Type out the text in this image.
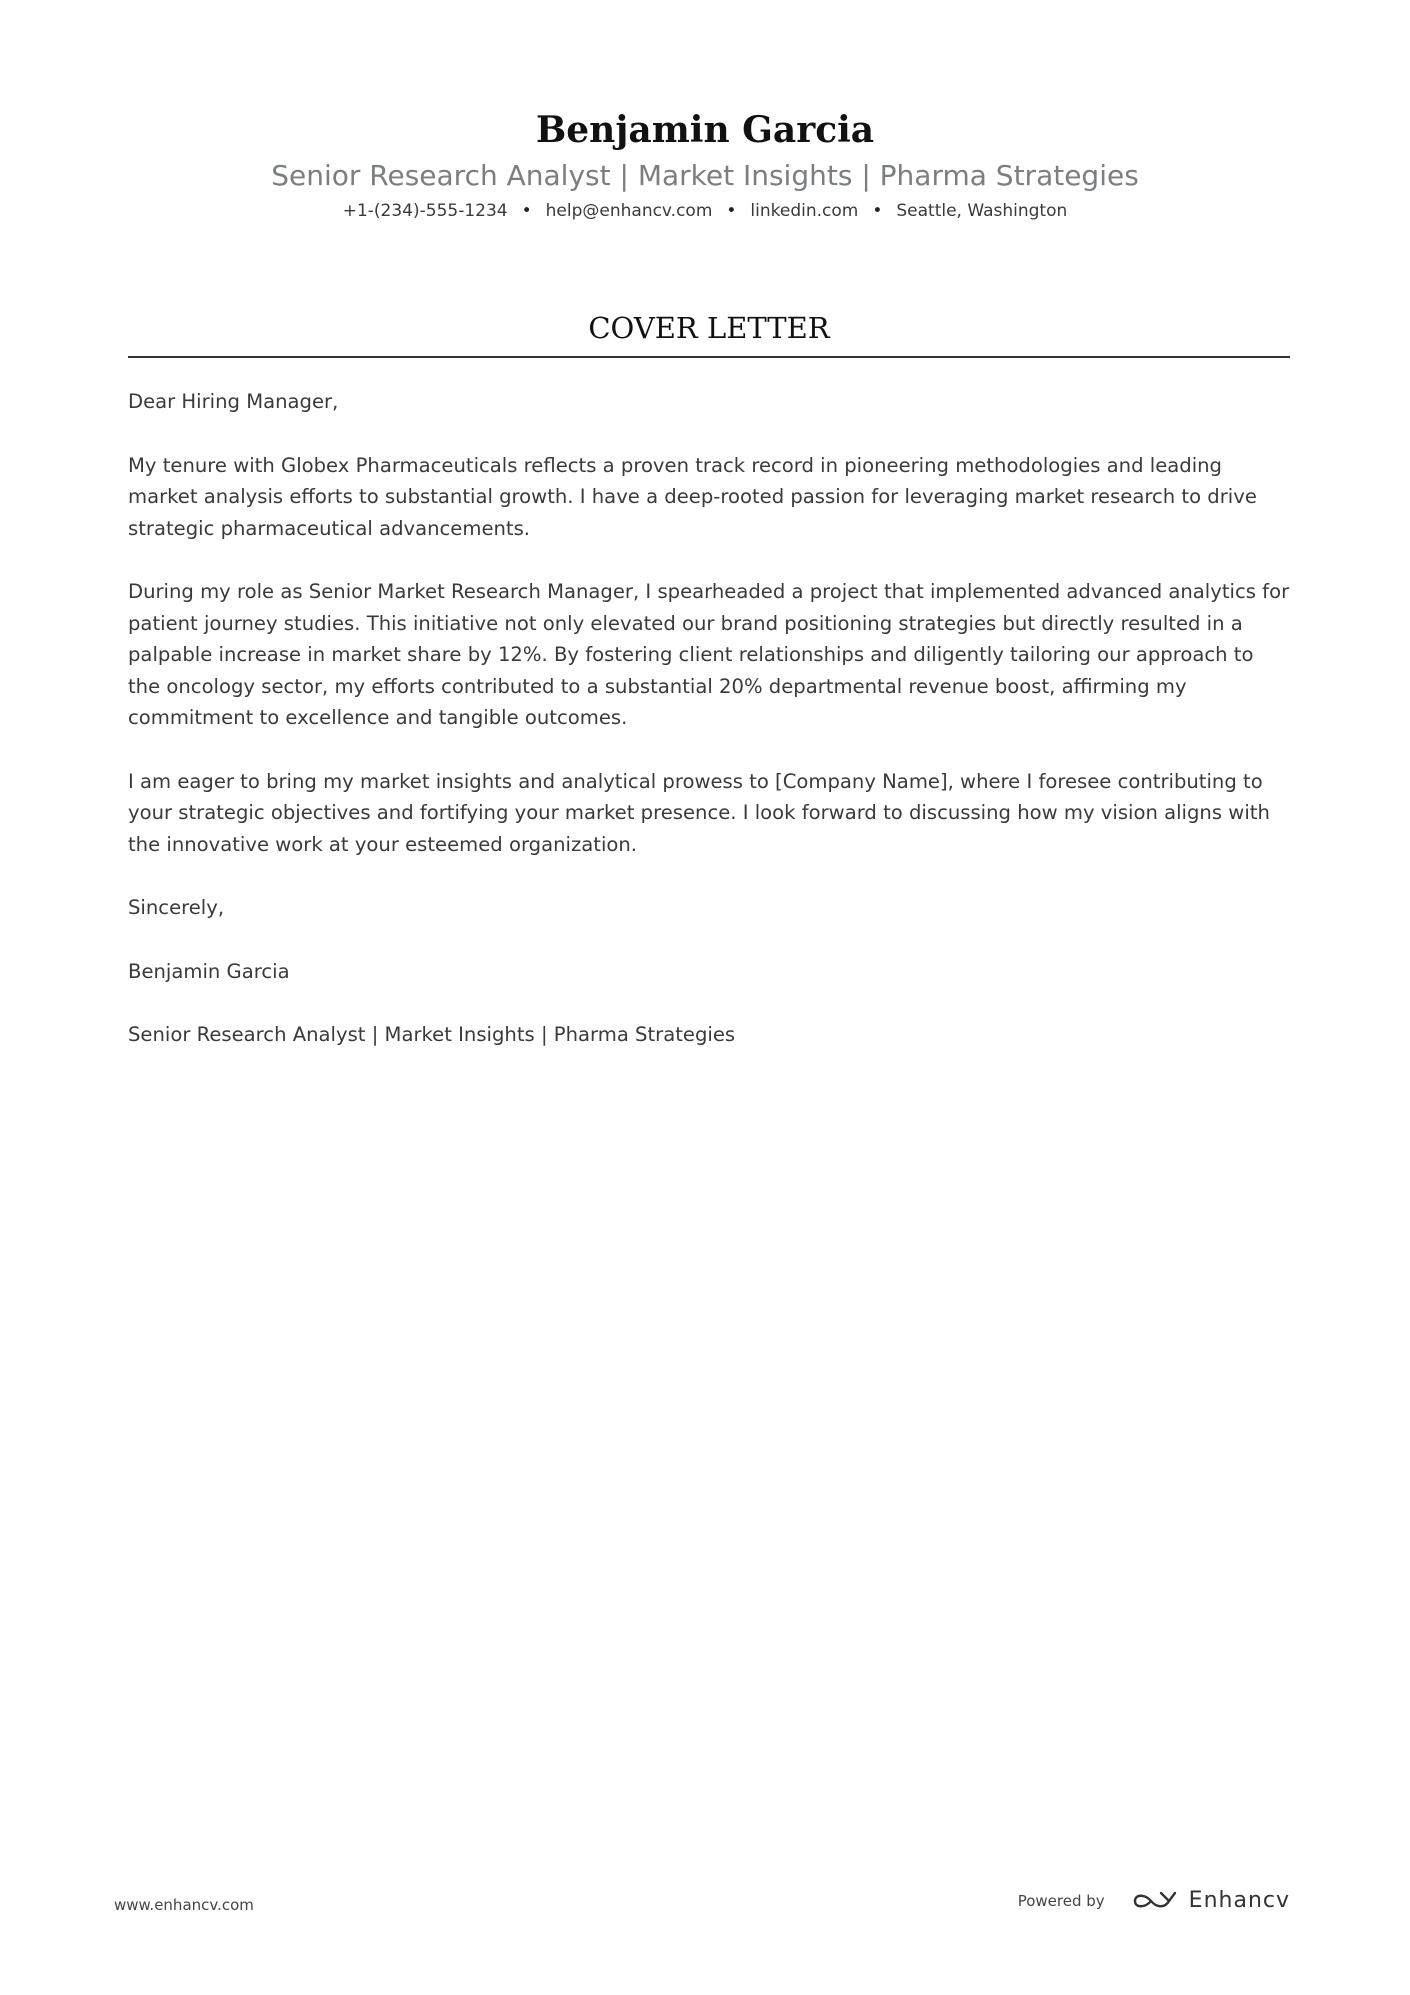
Benjamin Garcia
Senior Research Analyst | Market Insights | Pharma Strategies
+1-(234)-555-1234 • help@enhancv.com • linkedin.com • Seattle, Washington
COVER LETTER

Dear Hiring Manager,

My tenure with Globex Pharmaceuticals reflects a proven track record in pioneering methodologies and leading market analysis efforts to substantial growth. I have a deep-rooted passion for leveraging market research to drive strategic pharmaceutical advancements.

During my role as Senior Market Research Manager, I spearheaded a project that implemented advanced analytics for patient journey studies. This initiative not only elevated our brand positioning strategies but directly resulted in a palpable increase in market share by 12%. By fostering client relationships and diligently tailoring our approach to the oncology sector, my efforts contributed to a substantial 20% departmental revenue boost, affirming my commitment to excellence and tangible outcomes.

I am eager to bring my market insights and analytical prowess to [Company Name], where I foresee contributing to your strategic objectives and fortifying your market presence. I look forward to discussing how my vision aligns with the innovative work at your esteemed organization.

Sincerely,

Benjamin Garcia

Senior Research Analyst | Market Insights | Pharma Strategies

www.enhancv.com	Powered by	Enhancv
